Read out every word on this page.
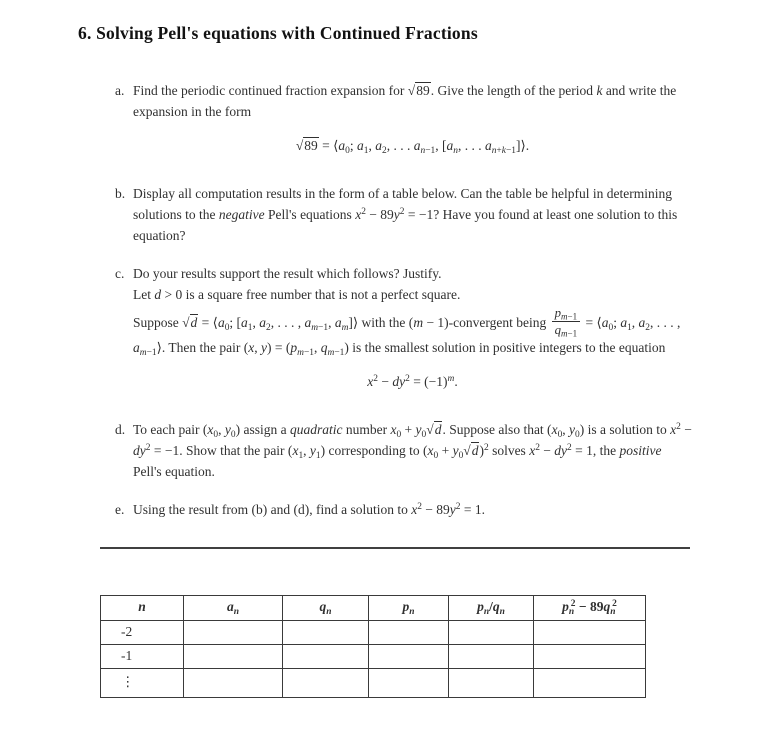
6. Solving Pell's equations with Continued Fractions
a. Find the periodic continued fraction expansion for √89. Give the length of the period k and write the expansion in the form

$√89 = ⟨a_0$; $a_1$, $a_2$, . . . $a_{n-1}$, [$a_n$, . . . $a_{n+k-1}]⟩$.
b. Display all computation results in the form of a table below. Can the table be helpful in determining solutions to the negative Pell's equations $x^2 - 89y^2 = -1$? Have you found at least one solution to this equation?

c. Do your results support the result which follows? Justify.

Let d > 0 is a square free number that is not a perfect square.

Suppose $√d = ⟨a_0$; [$a_1$, $a_2$, . . . , $a_{m-1}$, $a_m]⟩$ with the (m − 1)-convergent being $\frac{p_{m-1}}{q_{m-1}}$ = $⟨a_0$; $a_1$, $a_2$, . . . , $a_{m-1}⟩$. Then the pair (x, $y) = (p_{m-1}$, $q_{m-1}$) is the smallest solution in positive integers to the equation

$x^2 - dy^2 = (-1)^m$.
d. To each pair ($x_0$, $y_0$) assign a quadratic number $x_0 + y_0√d$. Suppose also that ($x_0$, $y_0$) is a solution to $x^2 - dy^2 = -1$. Show that the pair ($x_1$, $y_1$) corresponding to $(x_0 + y_0√d)^2$ solves $x^2 - dy^2 = 1$, the positive Pell's equation.

e. Using the result from (b) and (d), find a solution to $x^2 - 89y^2 = 1$.

n	$a_n$	$q_n$	$p_n$	$p_n/q_n$	$p_n^2 - 89q_n^2$
-2					
-1					
⋮					
